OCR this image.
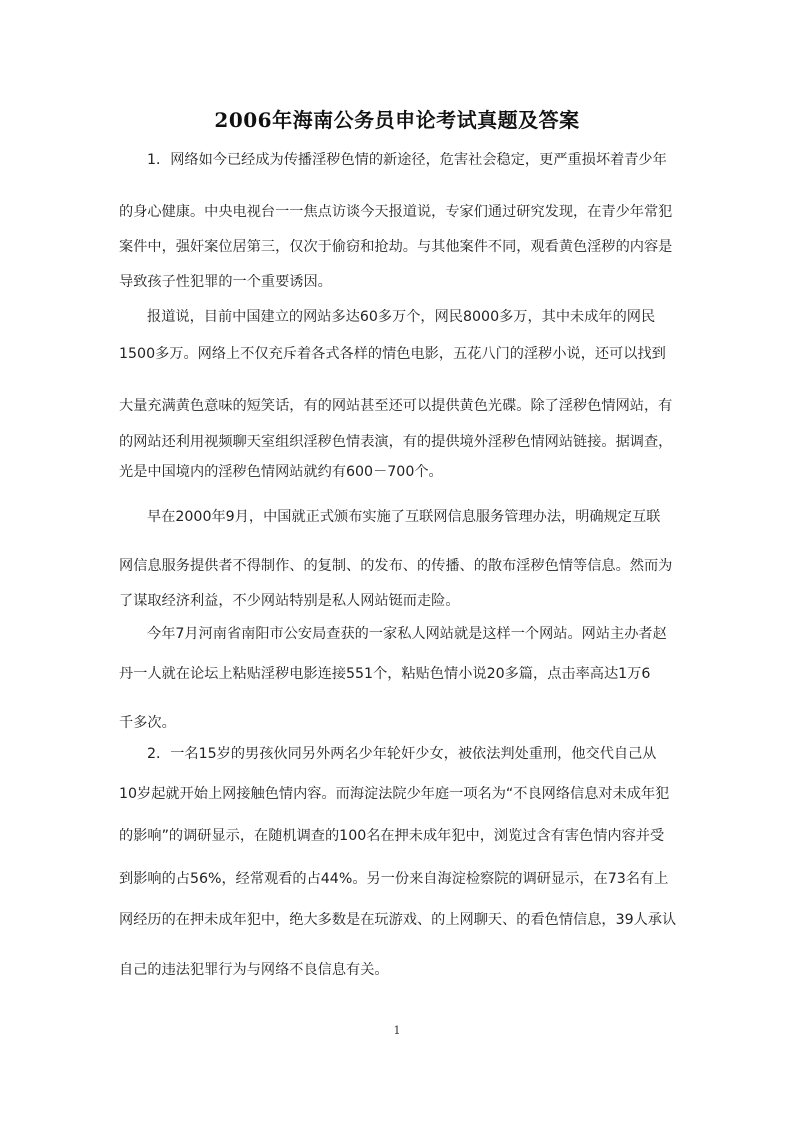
2006年海南公务员申论考试真题及答案

1．网络如今已经成为传播淫秽色情的新途径，危害社会稳定，更严重损坏着青少年

的身心健康。中央电视台一一焦点访谈今天报道说，专家们通过研究发现，在青少年常犯

案件中，强奸案位居第三，仅次于偷窃和抢劫。与其他案件不同，观看黄色淫秽的内容是

导致孩子性犯罪的一个重要诱因。

报道说，目前中国建立的网站多达60多万个，网民8000多万，其中未成年的网民

1500多万。网络上不仅充斥着各式各样的情色电影，五花八门的淫秽小说，还可以找到

大量充满黄色意味的短笑话，有的网站甚至还可以提供黄色光碟。除了淫秽色情网站，有

的网站还利用视频聊天室组织淫秽色情表演，有的提供境外淫秽色情网站链接。据调查，

光是中国境内的淫秽色情网站就约有600－700个。

早在2000年9月，中国就正式颁布实施了互联网信息服务管理办法，明确规定互联

网信息服务提供者不得制作、的复制、的发布、的传播、的散布淫秽色情等信息。然而为

了谋取经济利益，不少网站特别是私人网站铤而走险。

今年7月河南省南阳市公安局查获的一家私人网站就是这样一个网站。网站主办者赵

丹一人就在论坛上粘贴淫秽电影连接551个，粘贴色情小说20多篇，点击率高达1万6

千多次。

2．一名15岁的男孩伙同另外两名少年轮奸少女，被依法判处重刑，他交代自己从

10岁起就开始上网接触色情内容。而海淀法院少年庭一项名为“不良网络信息对未成年犯

的影响”的调研显示，在随机调查的100名在押未成年犯中，浏览过含有害色情内容并受

到影响的占56%，经常观看的占44%。另一份来自海淀检察院的调研显示，在73名有上

网经历的在押未成年犯中，绝大多数是在玩游戏、的上网聊天、的看色情信息，39人承认

自己的违法犯罪行为与网络不良信息有关。

1
